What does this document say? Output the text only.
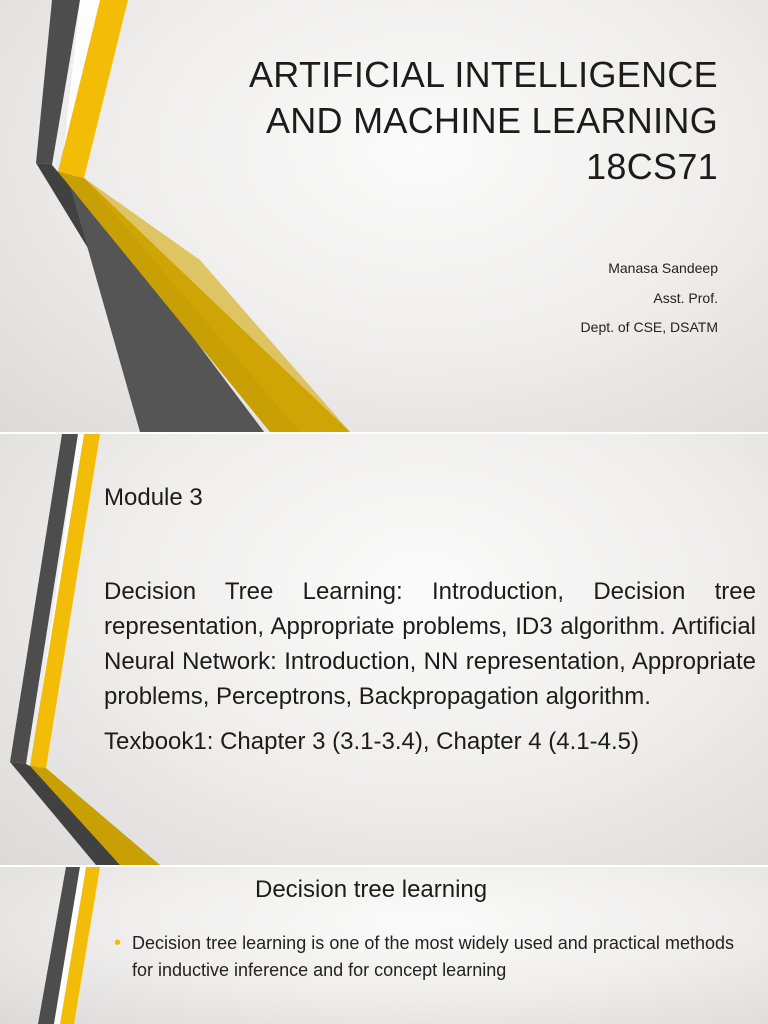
ARTIFICIAL INTELLIGENCE
AND MACHINE LEARNING
18CS71
Manasa Sandeep
Asst. Prof.
Dept. of CSE, DSATM
Module 3

Decision Tree Learning: Introduction, Decision tree representation, Appropriate problems, ID3 algorithm. Artificial Neural Network: Introduction, NN representation, Appropriate problems, Perceptrons, Backpropagation algorithm.

Texbook1: Chapter 3 (3.1-3.4), Chapter 4 (4.1-4.5)

Decision tree learning
• Decision tree learning is one of the most widely used and practical methods for inductive inference and for concept learning
